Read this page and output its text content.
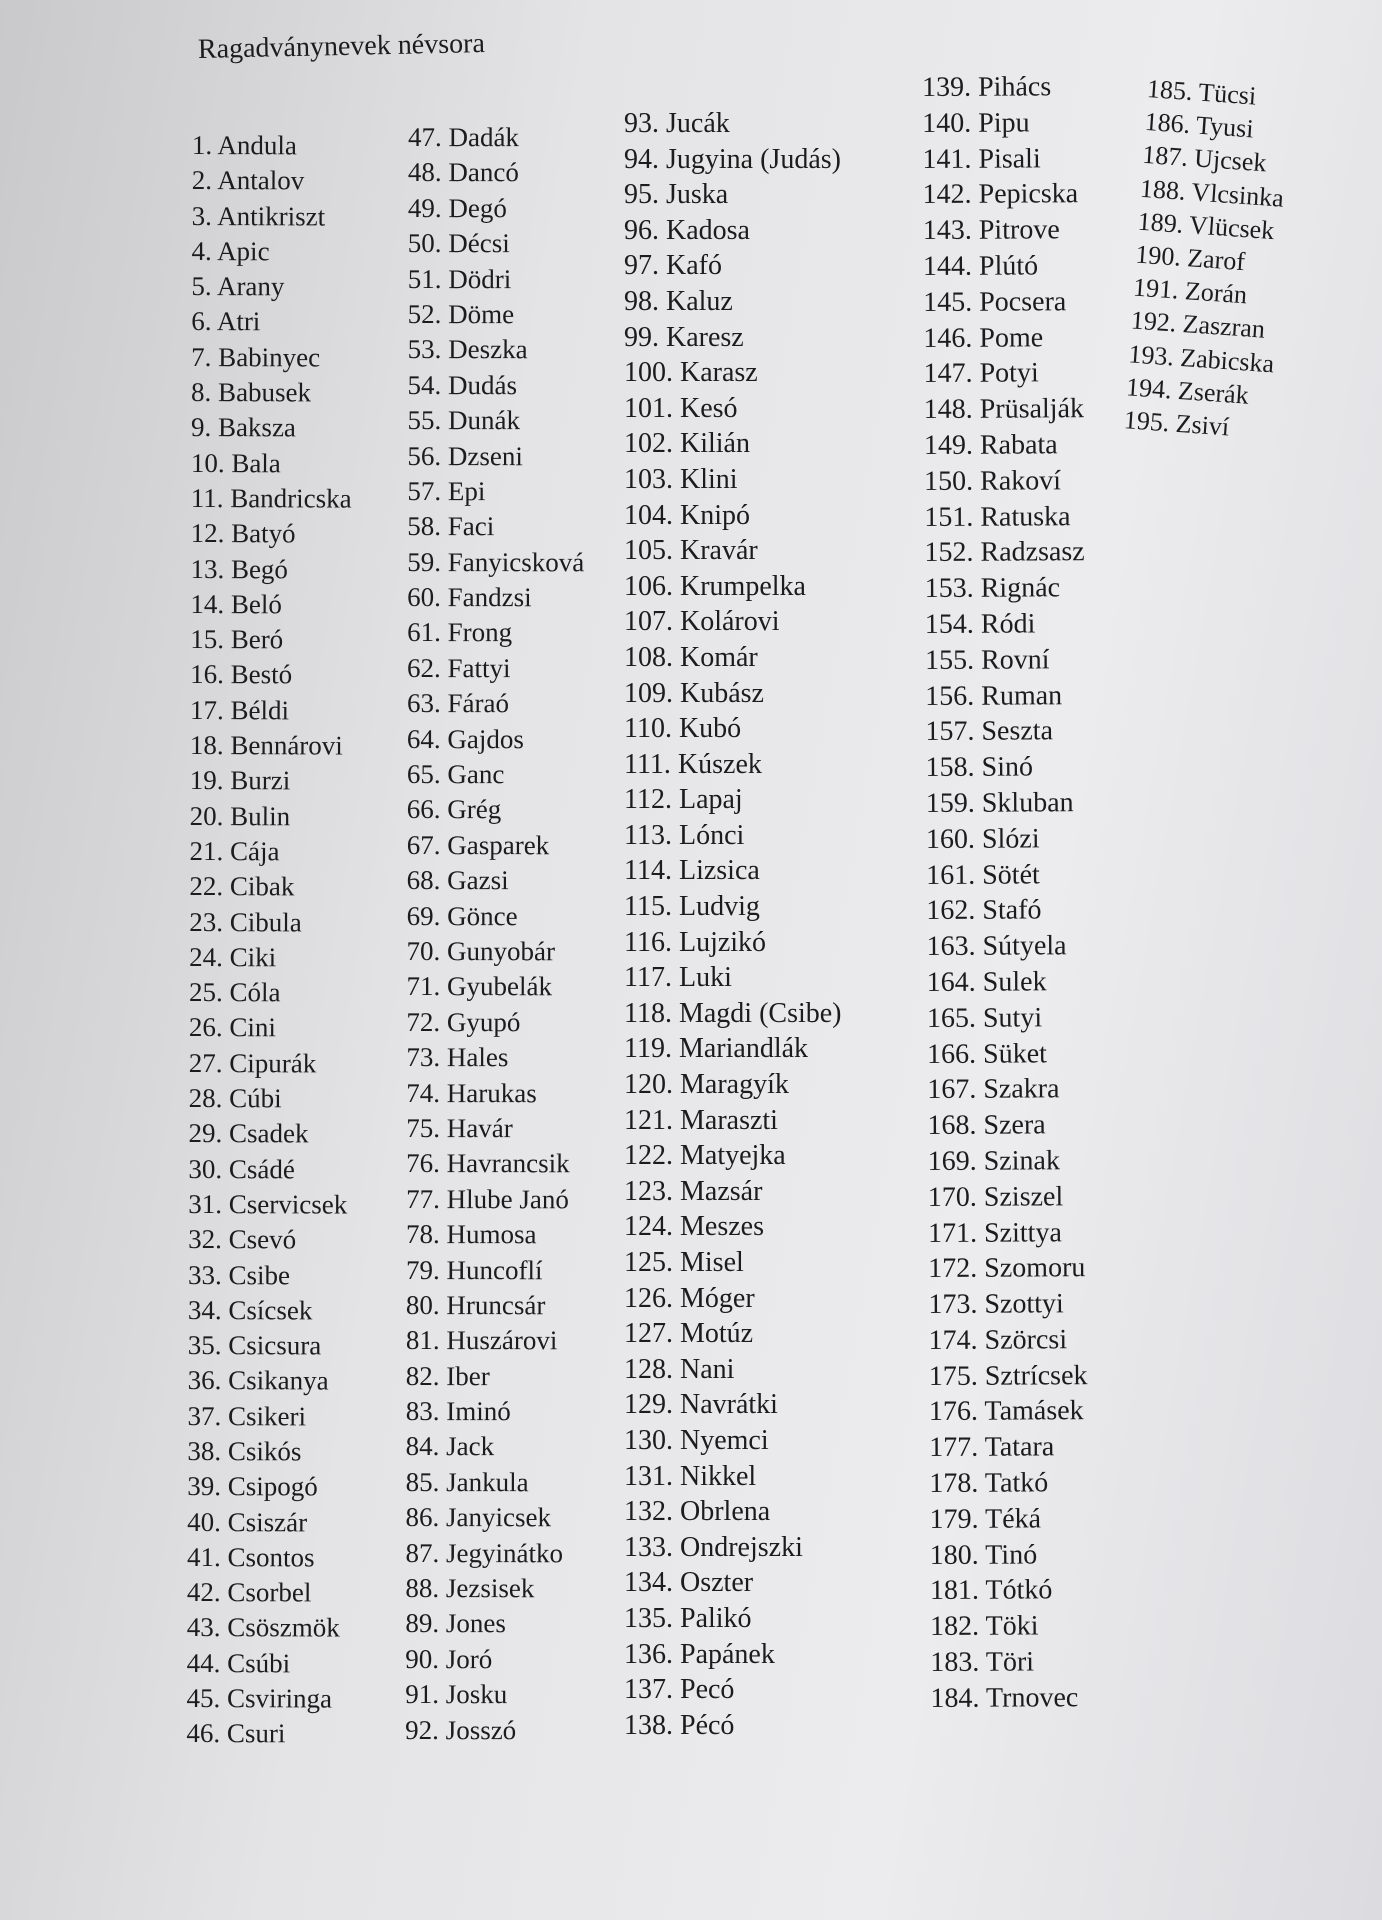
Ragadványnevek névsora
1. Andula
2. Antalov
3. Antikriszt
4. Apic
5. Arany
6. Atri
7. Babinyec
8. Babusek
9. Baksza
10. Bala
11. Bandricska
12. Batyó
13. Begó
14. Beló
15. Beró
16. Bestó
17. Béldi
18. Bennárovi
19. Burzi
20. Bulin
21. Cája
22. Cibak
23. Cibula
24. Ciki
25. Cóla
26. Cini
27. Cipurák
28. Cúbi
29. Csadek
30. Csádé
31. Cservicsek
32. Csevó
33. Csibe
34. Csícsek
35. Csicsura
36. Csikanya
37. Csikeri
38. Csikós
39. Csipogó
40. Csiszár
41. Csontos
42. Csorbel
43. Csöszmök
44. Csúbi
45. Csviringa
46. Csuri
47. Dadák
48. Dancó
49. Degó
50. Décsi
51. Dödri
52. Döme
53. Deszka
54. Dudás
55. Dunák
56. Dzseni
57. Epi
58. Faci
59. Fanyicsková
60. Fandzsi
61. Frong
62. Fattyi
63. Fáraó
64. Gajdos
65. Ganc
66. Grég
67. Gasparek
68. Gazsi
69. Gönce
70. Gunyobár
71. Gyubelák
72. Gyupó
73. Hales
74. Harukas
75. Havár
76. Havrancsik
77. Hlube Janó
78. Humosa
79. Huncoflí
80. Hruncsár
81. Huszárovi
82. Iber
83. Iminó
84. Jack
85. Jankula
86. Janyicsek
87. Jegyinátko
88. Jezsisek
89. Jones
90. Joró
91. Josku
92. Josszó
93. Jucák
94. Jugyina (Judás)
95. Juska
96. Kadosa
97. Kafó
98. Kaluz
99. Karesz
100. Karasz
101. Kesó
102. Kilián
103. Klini
104. Knipó
105. Kravár
106. Krumpelka
107. Kolárovi
108. Komár
109. Kubász
110. Kubó
111. Kúszek
112. Lapaj
113. Lónci
114. Lizsica
115. Ludvig
116. Lujzikó
117. Luki
118. Magdi (Csibe)
119. Mariandlák
120. Maragyík
121. Maraszti
122. Matyejka
123. Mazsár
124. Meszes
125. Misel
126. Móger
127. Motúz
128. Nani
129. Navrátki
130. Nyemci
131. Nikkel
132. Obrlena
133. Ondrejszki
134. Oszter
135. Palikó
136. Papánek
137. Pecó
138. Pécó
139. Pihács
140. Pipu
141. Pisali
142. Pepicska
143. Pitrove
144. Plútó
145. Pocsera
146. Pome
147. Potyi
148. Prüsalják
149. Rabata
150. Rakoví
151. Ratuska
152. Radzsasz
153. Rignác
154. Ródi
155. Rovní
156. Ruman
157. Seszta
158. Sinó
159. Skluban
160. Slózi
161. Sötét
162. Stafó
163. Sútyela
164. Sulek
165. Sutyi
166. Süket
167. Szakra
168. Szera
169. Szinak
170. Sziszel
171. Szittya
172. Szomoru
173. Szottyi
174. Szörcsi
175. Sztrícsek
176. Tamásek
177. Tatara
178. Tatkó
179. Téká
180. Tinó
181. Tótkó
182. Töki
183. Töri
184. Trnovec
185. Tücsi
186. Tyusi
187. Ujcsek
188. Vlcsinka
189. Vlücsek
190. Zarof
191. Zorán
192. Zaszran
193. Zabicska
194. Zserák
195. Zsiví
